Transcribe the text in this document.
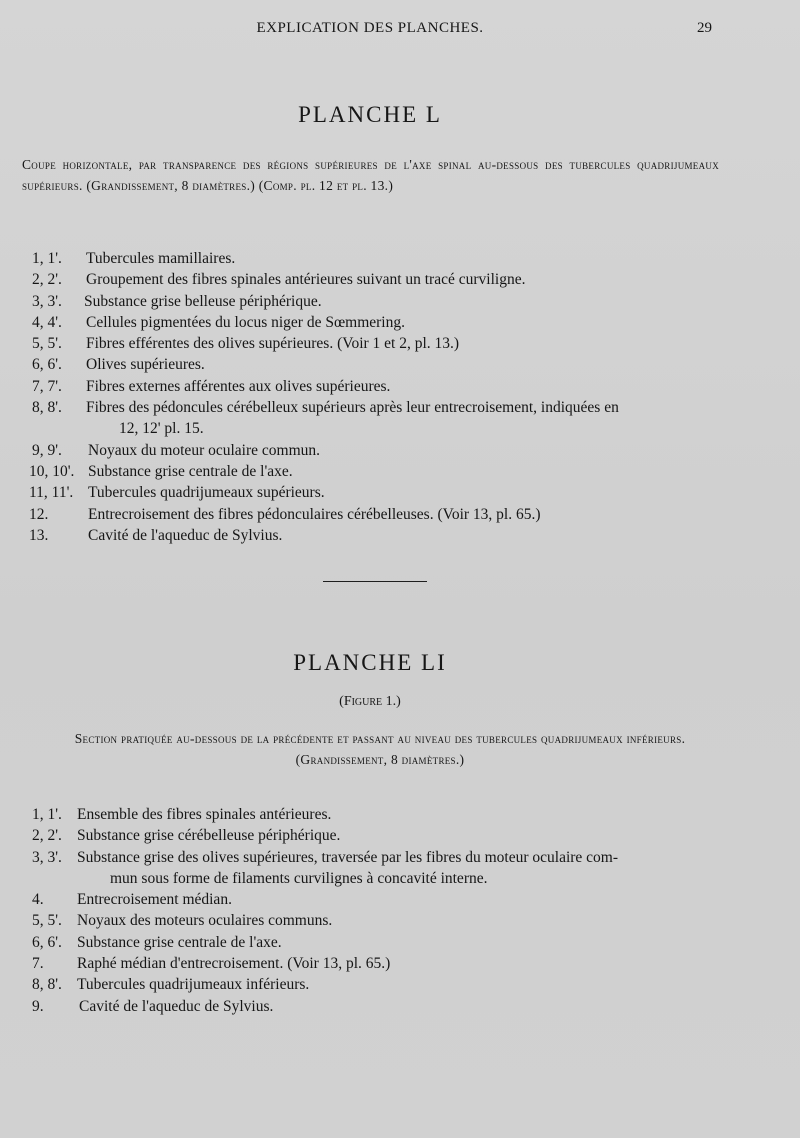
EXPLICATION DES PLANCHES.	29
PLANCHE L
Coupe horizontale, par transparence des régions supérieures de l'axe spinal au-dessous des tubercules quadrijumeaux supérieurs. (Grandissement, 8 diamètres.) (Comp. pl. 12 et pl. 13.)
1, 1'. Tubercules mamillaires.
2, 2'. Groupement des fibres spinales antérieures suivant un tracé curviligne.
3, 3'. Substance grise belleuse périphérique.
4, 4'. Cellules pigmentées du locus niger de Sœmmering.
5, 5'. Fibres efférentes des olives supérieures. (Voir 1 et 2, pl. 13.)
6, 6'. Olives supérieures.
7, 7'. Fibres externes afférentes aux olives supérieures.
8, 8'. Fibres des pédoncules cérébelleux supérieurs après leur entrecroisement, indiquées en
12, 12' pl. 15.
9, 9'. Noyaux du moteur oculaire commun.
10, 10'. Substance grise centrale de l'axe.
11, 11'. Tubercules quadrijumeaux supérieurs.
12.	Entrecroisement des fibres pédonculaires cérébelleuses. (Voir 13, pl. 65.)
13.	Cavité de l'aqueduc de Sylvius.
PLANCHE LI
(Figure 1.)
Section pratiquée au-dessous de la précédente et passant au niveau des tubercules quadrijumeaux inférieurs. (Grandissement, 8 diamètres.)
1, 1'. Ensemble des fibres spinales antérieures.
2, 2'. Substance grise cérébelleuse périphérique.
3, 3'. Substance grise des olives supérieures, traversée par les fibres du moteur oculaire com-
mun sous forme de filaments curvilignes à concavité interne.
4. Entrecroisement médian.
5, 5'. Noyaux des moteurs oculaires communs.
6, 6'. Substance grise centrale de l'axe.
7. Raphé médian d'entrecroisement. (Voir 13, pl. 65.)
8, 8'. Tubercules quadrijumeaux inférieurs.
9. Cavité de l'aqueduc de Sylvius.
